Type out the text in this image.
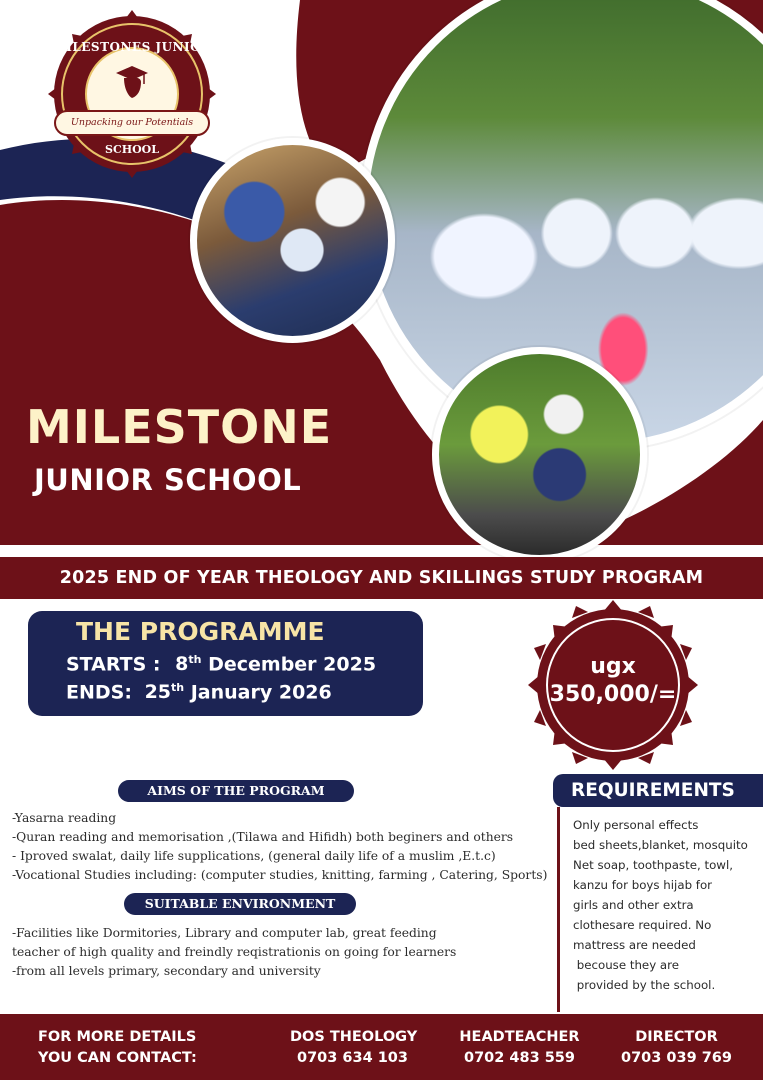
MILESTONES JUNIOR
Unpacking our Potentials
SCHOOL
MILESTONE
JUNIOR SCHOOL
2025 END OF YEAR THEOLOGY AND SKILLINGS STUDY PROGRAM
THE PROGRAMME
STARTS : 8th December 2025
ENDS: 25th January 2026
ugx
350,000/=
AIMS OF THE PROGRAM
-Yasarna reading
-Quran reading and memorisation ,(Tilawa and Hifidh) both beginers and others
- Iproved swalat, daily life supplications, (general daily life of a muslim ,E.t.c)
-Vocational Studies including: (computer studies, knitting, farming , Catering, Sports)
SUITABLE ENVIRONMENT
-Facilities like Dormitories, Library and computer lab, great feeding
teacher of high quality and freindly reqistrationis on going for learners
-from all levels primary, secondary and university
REQUIREMENTS
Only personal effects
bed sheets,blanket, mosquito
Net soap, toothpaste, towl,
kanzu for boys hijab for
girls and other extra
clothesare required. No
mattress are needed
becouse they are
provided by the school.
FOR MORE DETAILS
YOU CAN CONTACT:
DOS THEOLOGY
0703 634 103
HEADTEACHER
0702 483 559
DIRECTOR
0703 039 769
